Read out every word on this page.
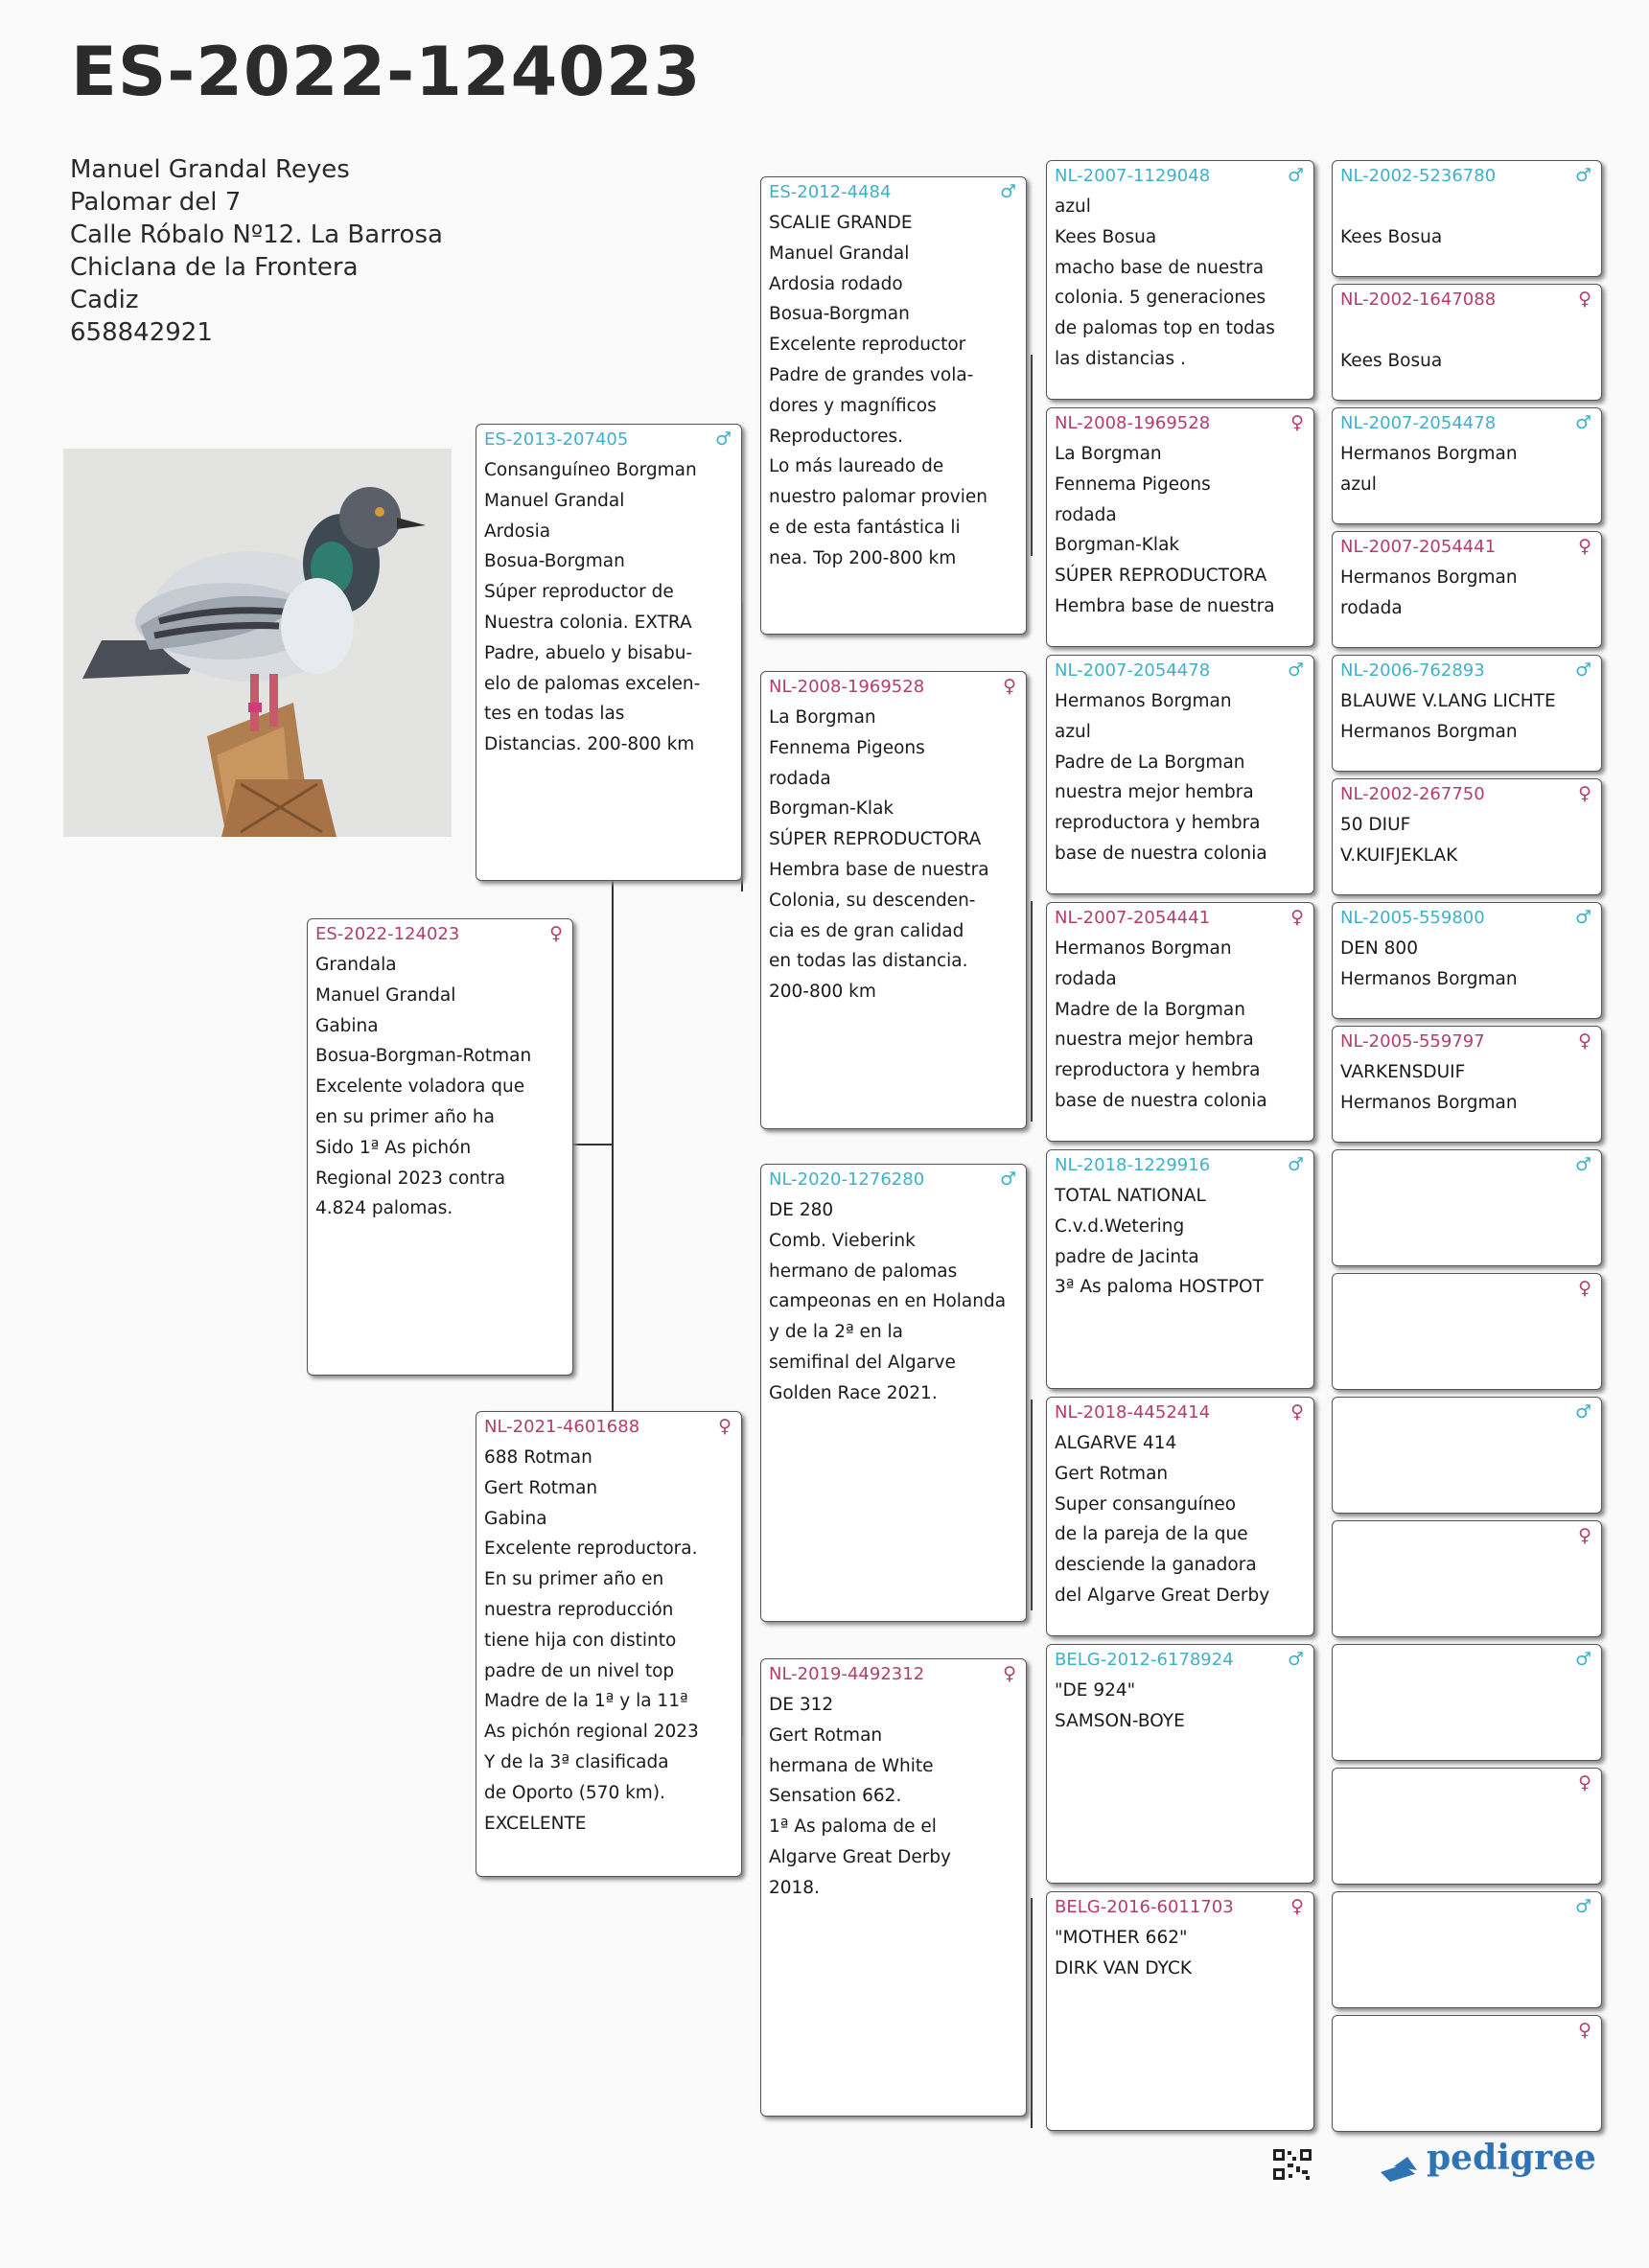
ES-2022-124023
Manuel Grandal Reyes
Palomar del 7
Calle Róbalo Nº12. La Barrosa
Chiclana de la Frontera
Cadiz
658842921
ES-2022-124023	♀
Grandala
Manuel Grandal
Gabina
Bosua-Borgman-Rotman
Excelente voladora que
en su primer año ha
Sido 1ª As pichón
Regional 2023 contra
4.824 palomas.
ES-2013-207405	♂
Consanguíneo Borgman
Manuel Grandal
Ardosia
Bosua-Borgman
Súper reproductor de
Nuestra colonia. EXTRA
Padre, abuelo y bisabu-
elo de palomas excelen-
tes en todas las
Distancias. 200-800 km
NL-2021-4601688	♀
688 Rotman
Gert Rotman
Gabina
Excelente reproductora.
En su primer año en
nuestra reproducción
tiene hija con distinto
padre de un nivel top
Madre de la 1ª y la 11ª
As pichón regional 2023
Y de la 3ª clasificada
de Oporto (570 km).
EXCELENTE
ES-2012-4484	♂
SCALIE GRANDE
Manuel Grandal
Ardosia rodado
Bosua-Borgman
Excelente reproductor
Padre de grandes vola-
dores y magníficos
Reproductores.
Lo más laureado de
nuestro palomar provien
e de esta fantástica li
nea. Top 200-800 km
NL-2008-1969528	♀
La Borgman
Fennema Pigeons
rodada
Borgman-Klak
SÚPER REPRODUCTORA
Hembra base de nuestra
Colonia, su descenden-
cia es de gran calidad
en todas las distancia.
200-800 km
NL-2020-1276280	♂
DE 280
Comb. Vieberink
hermano de palomas
campeonas en en Holanda
y de la 2ª en la
semifinal del Algarve
Golden Race 2021.
NL-2019-4492312	♀
DE 312
Gert Rotman
hermana de White
Sensation 662.
1ª As paloma de el
Algarve Great Derby
2018.
NL-2007-1129048	♂
azul
Kees Bosua
macho base de nuestra
colonia. 5 generaciones
de palomas top en todas
las distancias .
NL-2008-1969528	♀
La Borgman
Fennema Pigeons
rodada
Borgman-Klak
SÚPER REPRODUCTORA
Hembra base de nuestra
NL-2007-2054478	♂
Hermanos Borgman
azul
Padre de La Borgman
nuestra mejor hembra
reproductora y hembra
base de nuestra colonia
NL-2007-2054441	♀
Hermanos Borgman
rodada
Madre de la Borgman
nuestra mejor hembra
reproductora y hembra
base de nuestra colonia
NL-2018-1229916	♂
TOTAL NATIONAL
C.v.d.Wetering
padre de Jacinta
3ª As paloma HOSTPOT
NL-2018-4452414	♀
ALGARVE 414
Gert Rotman
Super consanguíneo
de la pareja de la que
desciende la ganadora
del Algarve Great Derby
BELG-2012-6178924	♂
"DE 924"
SAMSON-BOYE
BELG-2016-6011703	♀
"MOTHER 662"
DIRK VAN DYCK
NL-2002-5236780	♂

Kees Bosua
NL-2002-1647088	♀

Kees Bosua
NL-2007-2054478	♂
Hermanos Borgman
azul
NL-2007-2054441	♀
Hermanos Borgman
rodada
NL-2006-762893	♂
BLAUWE V.LANG LICHTE
Hermanos Borgman
NL-2002-267750	♀
50 DIUF
V.KUIFJEKLAK
NL-2005-559800	♂
DEN 800
Hermanos Borgman
NL-2005-559797	♀
VARKENSDUIF
Hermanos Borgman
♂
♀
♂
♀
♂
♀
♂
♀
pedigree
